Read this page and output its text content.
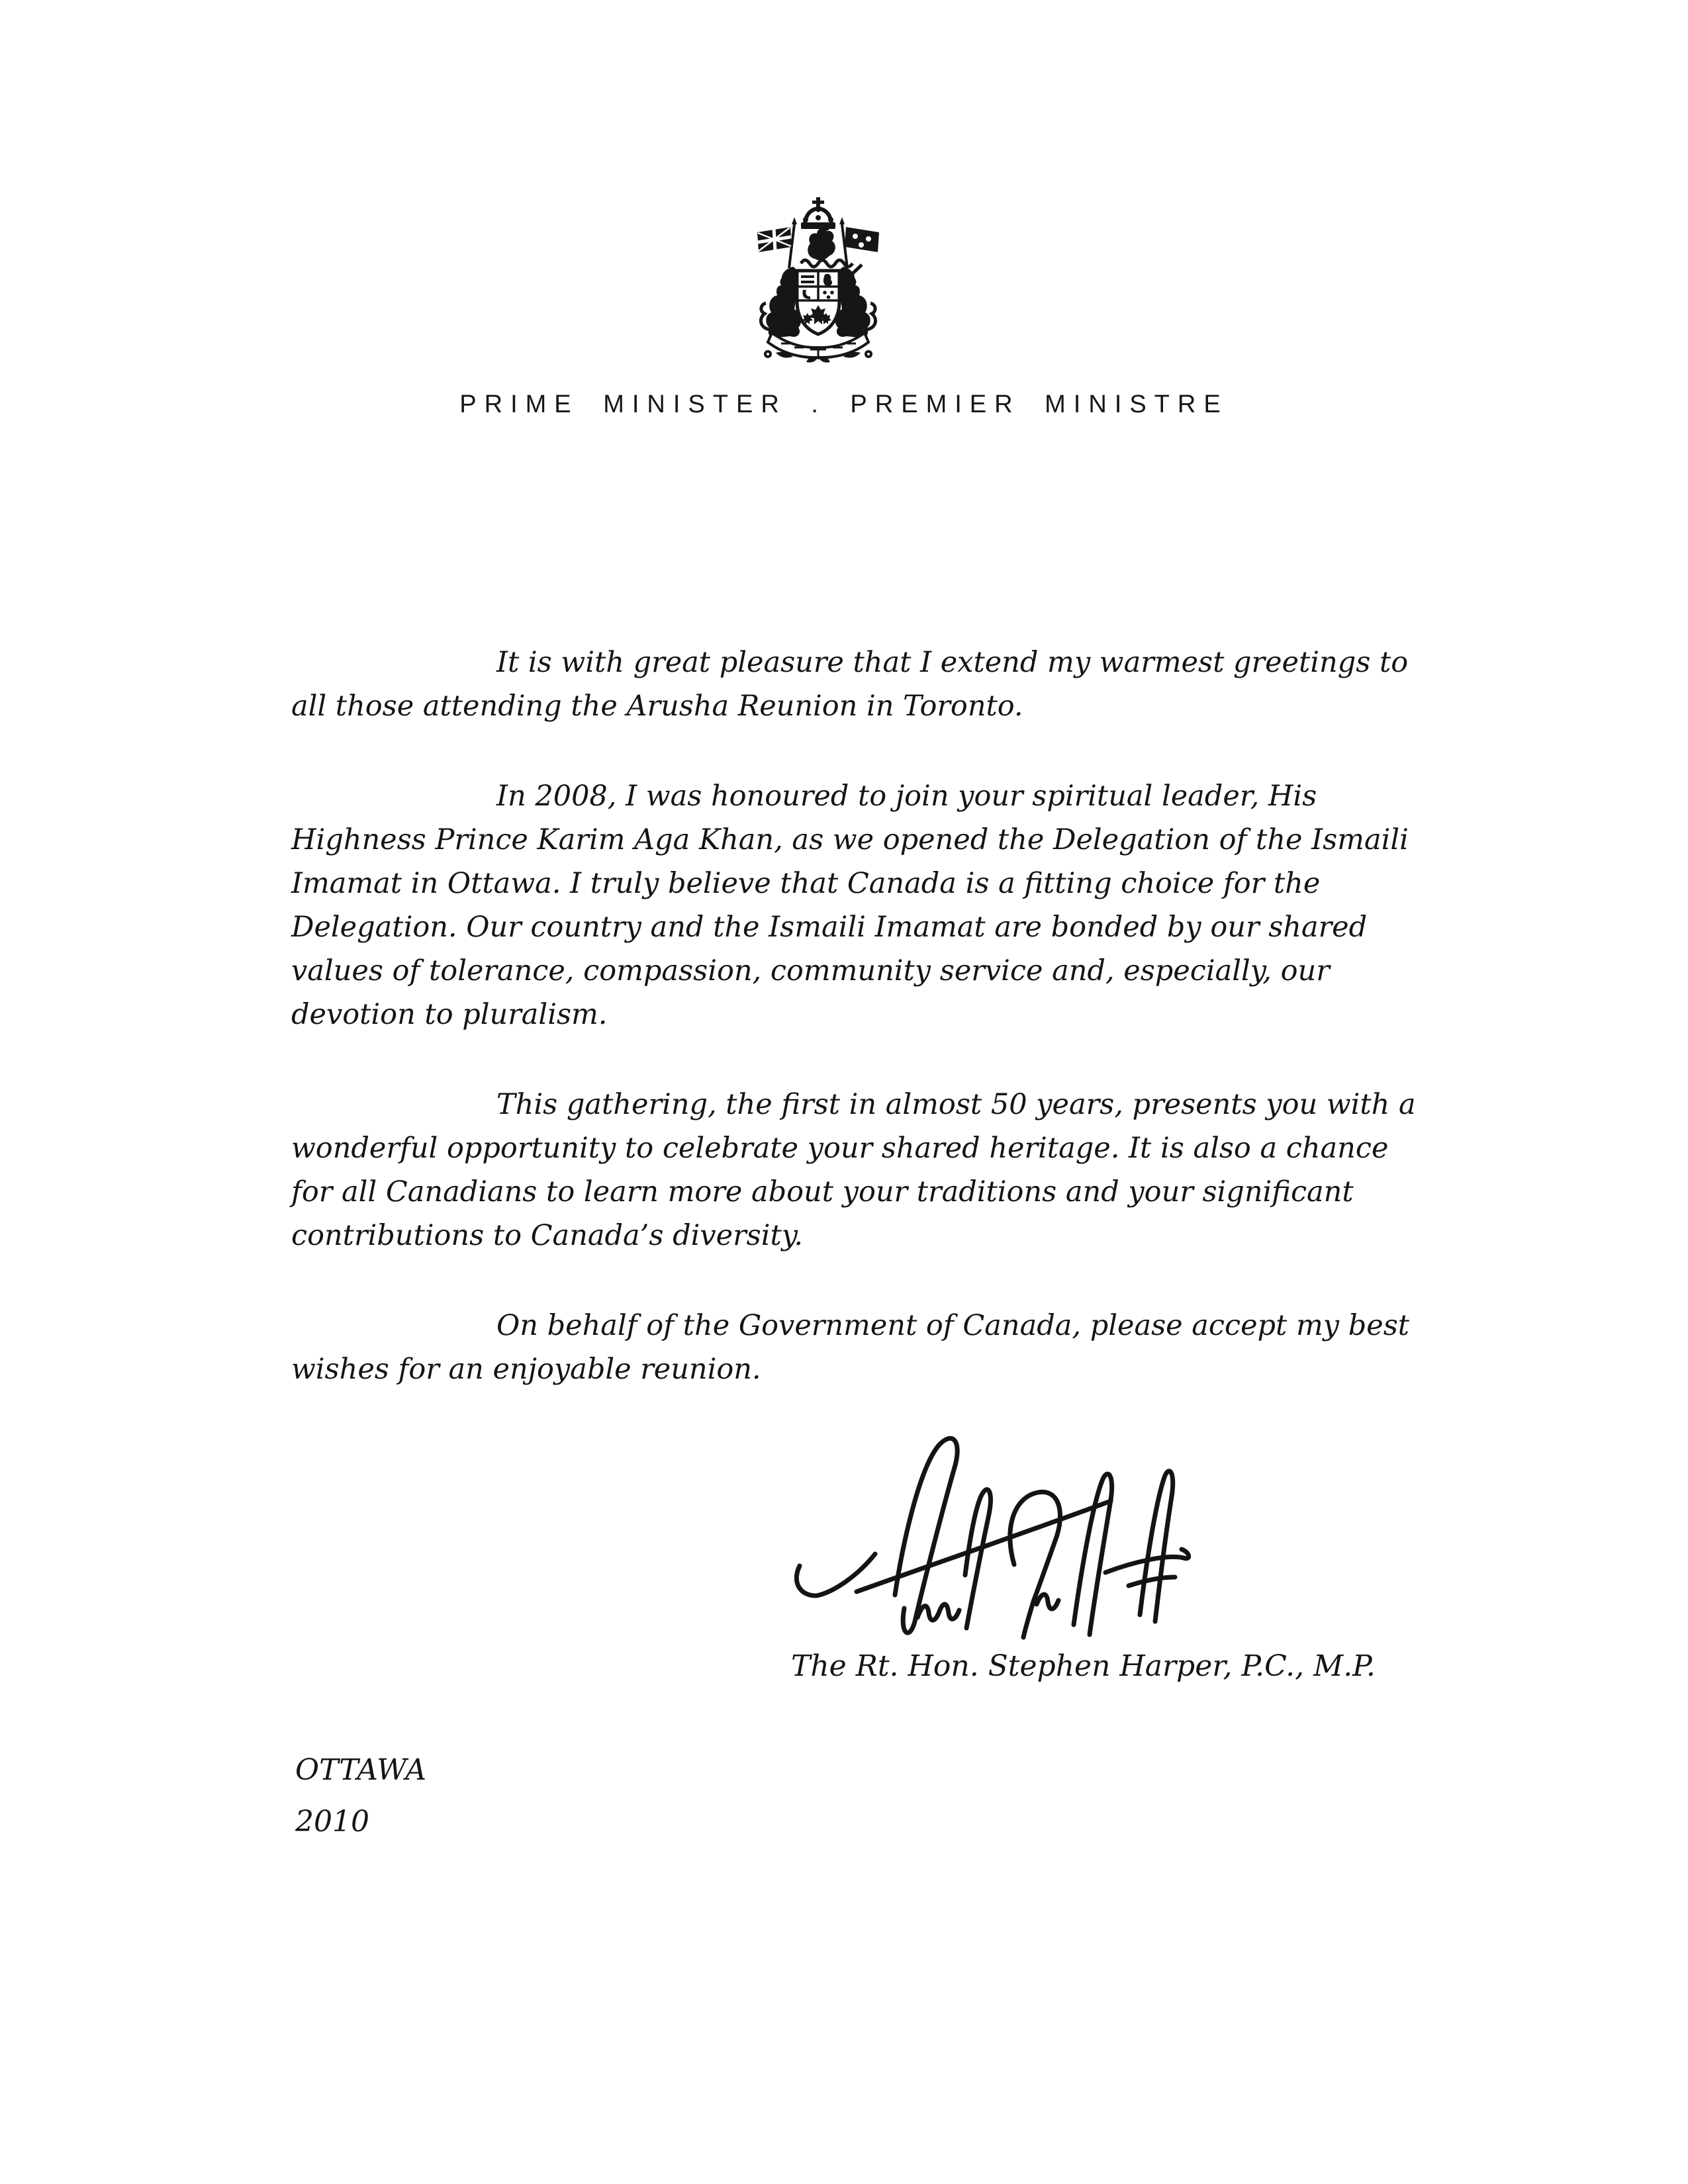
PRIME MINISTER . PREMIER MINISTRE

It is with great pleasure that I extend my warmest greetings to all those attending the Arusha Reunion in Toronto.

In 2008, I was honoured to join your spiritual leader, His Highness Prince Karim Aga Khan, as we opened the Delegation of the Ismaili Imamat in Ottawa. I truly believe that Canada is a fitting choice for the Delegation. Our country and the Ismaili Imamat are bonded by our shared values of tolerance, compassion, community service and, especially, our devotion to pluralism.

This gathering, the first in almost 50 years, presents you with a wonderful opportunity to celebrate your shared heritage. It is also a chance for all Canadians to learn more about your traditions and your significant contributions to Canada’s diversity.

On behalf of the Government of Canada, please accept my best wishes for an enjoyable reunion.

The Rt. Hon. Stephen Harper, P.C., M.P.
OTTAWA
2010
